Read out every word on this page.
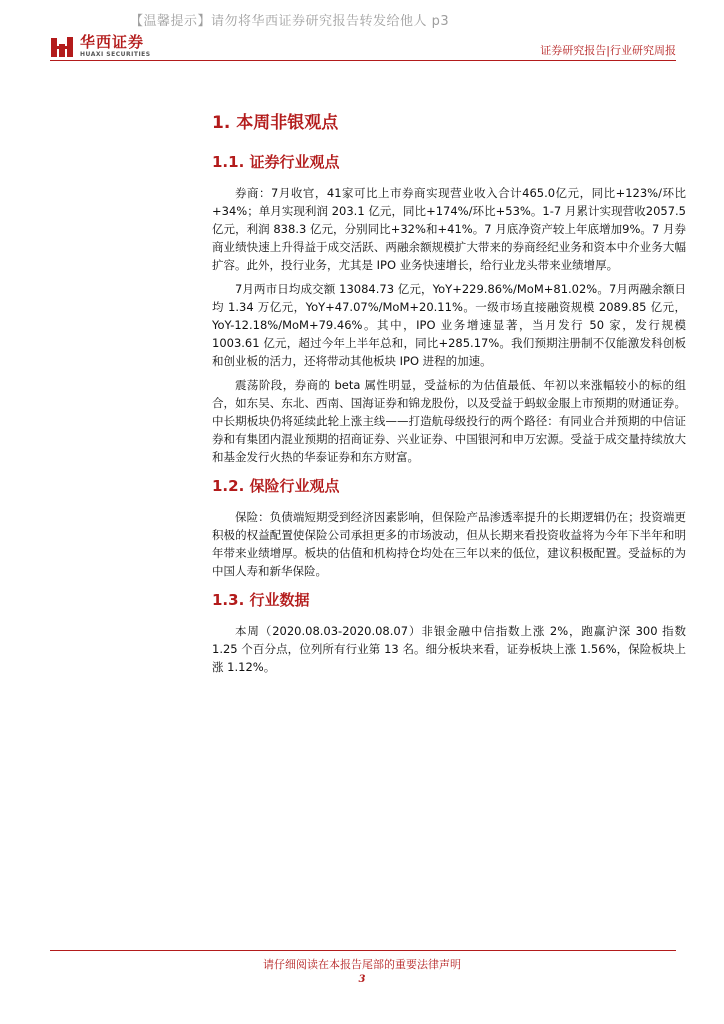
【温馨提示】请勿将华西证券研究报告转发给他人 p3
华西证券
HUAXI SECURITIES	证券研究报告|行业研究周报
1. 本周非银观点
1.1. 证券行业观点

券商：7月收官，41家可比上市券商实现营业收入合计465.0亿元，同比+123%/环比+34%；单月实现利润 203.1 亿元，同比+174%/环比+53%。1-7 月累计实现营收2057.5 亿元，利润 838.3 亿元，分别同比+32%和+41%。7 月底净资产较上年底增加9%。7 月券商业绩快速上升得益于成交活跃、两融余额规模扩大带来的券商经纪业务和资本中介业务大幅扩容。此外，投行业务，尤其是 IPO 业务快速增长，给行业龙头带来业绩增厚。

7月两市日均成交额 13084.73 亿元，YoY+229.86%/MoM+81.02%。7月两融余额日均 1.34 万亿元，YoY+47.07%/MoM+20.11%。一级市场直接融资规模 2089.85 亿元，YoY-12.18%/MoM+79.46%。其中，IPO 业务增速显著，当月发行 50 家，发行规模1003.61 亿元，超过今年上半年总和，同比+285.17%。我们预期注册制不仅能激发科创板和创业板的活力，还将带动其他板块 IPO 进程的加速。

震荡阶段，券商的 beta 属性明显，受益标的为估值最低、年初以来涨幅较小的标的组合，如东吴、东北、西南、国海证券和锦龙股份，以及受益于蚂蚁金服上市预期的财通证券。中长期板块仍将延续此轮上涨主线——打造航母级投行的两个路径：有同业合并预期的中信证券和有集团内混业预期的招商证券、兴业证券、中国银河和申万宏源。受益于成交量持续放大和基金发行火热的华泰证券和东方财富。

1.2. 保险行业观点

保险：负债端短期受到经济因素影响，但保险产品渗透率提升的长期逻辑仍在；投资端更积极的权益配置使保险公司承担更多的市场波动，但从长期来看投资收益将为今年下半年和明年带来业绩增厚。板块的估值和机构持仓均处在三年以来的低位，建议积极配置。受益标的为中国人寿和新华保险。

1.3. 行业数据

本周（2020.08.03-2020.08.07）非银金融中信指数上涨 2%，跑赢沪深 300 指数1.25 个百分点，位列所有行业第 13 名。细分板块来看，证券板块上涨 1.56%，保险板块上涨 1.12%。

请仔细阅读在本报告尾部的重要法律声明
3
